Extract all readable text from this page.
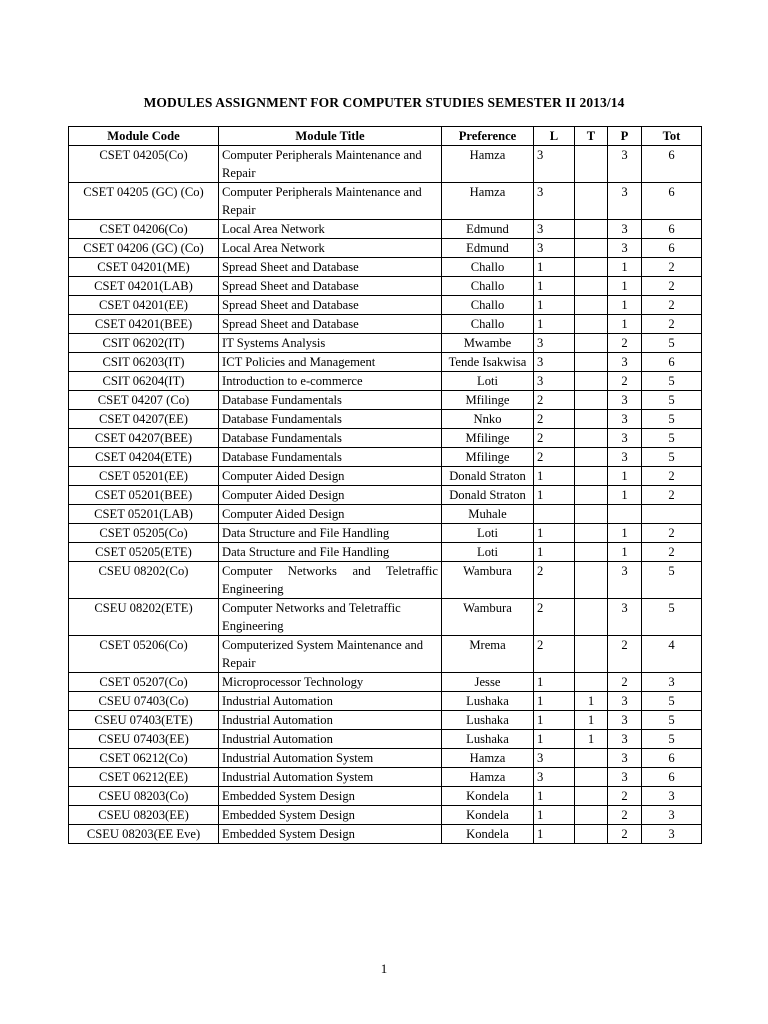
MODULES ASSIGNMENT FOR COMPUTER STUDIES SEMESTER II 2013/14
Module Code	Module Title	Preference	L	T	P	Tot
CSET 04205(Co)	Computer Peripherals Maintenance and Repair	Hamza	3		3	6
CSET 04205 (GC) (Co)	Computer Peripherals Maintenance and Repair	Hamza	3		3	6
CSET 04206(Co)	Local Area Network	Edmund	3		3	6
CSET 04206 (GC) (Co)	Local Area Network	Edmund	3		3	6
CSET 04201(ME)	Spread Sheet and Database	Challo	1		1	2
CSET 04201(LAB)	Spread Sheet and Database	Challo	1		1	2
CSET 04201(EE)	Spread Sheet and Database	Challo	1		1	2
CSET 04201(BEE)	Spread Sheet and Database	Challo	1		1	2
CSIT 06202(IT)	IT Systems Analysis	Mwambe	3		2	5
CSIT 06203(IT)	ICT Policies and Management	Tende Isakwisa	3		3	6
CSIT 06204(IT)	Introduction to e-commerce	Loti	3		2	5
CSET 04207 (Co)	Database Fundamentals	Mfilinge	2		3	5
CSET 04207(EE)	Database Fundamentals	Nnko	2		3	5
CSET 04207(BEE)	Database Fundamentals	Mfilinge	2		3	5
CSET 04204(ETE)	Database Fundamentals	Mfilinge	2		3	5
CSET 05201(EE)	Computer Aided Design	Donald Straton	1		1	2
CSET 05201(BEE)	Computer Aided Design	Donald Straton	1		1	2
CSET 05201(LAB)	Computer Aided Design	Muhale				
CSET 05205(Co)	Data Structure and File Handling	Loti	1		1	2
CSET 05205(ETE)	Data Structure and File Handling	Loti	1		1	2
CSEU 08202(Co)	Computer Networks and Teletraffic Engineering	Wambura	2		3	5
CSEU 08202(ETE)	Computer Networks and Teletraffic Engineering	Wambura	2		3	5
CSET 05206(Co)	Computerized System Maintenance and Repair	Mrema	2		2	4
CSET 05207(Co)	Microprocessor Technology	Jesse	1		2	3
CSEU 07403(Co)	Industrial Automation	Lushaka	1	1	3	5
CSEU 07403(ETE)	Industrial Automation	Lushaka	1	1	3	5
CSEU 07403(EE)	Industrial Automation	Lushaka	1	1	3	5
CSET 06212(Co)	Industrial Automation System	Hamza	3		3	6
CSET 06212(EE)	Industrial Automation System	Hamza	3		3	6
CSEU 08203(Co)	Embedded System Design	Kondela	1		2	3
CSEU 08203(EE)	Embedded System Design	Kondela	1		2	3
CSEU 08203(EE Eve)	Embedded System Design	Kondela	1		2	3
1
